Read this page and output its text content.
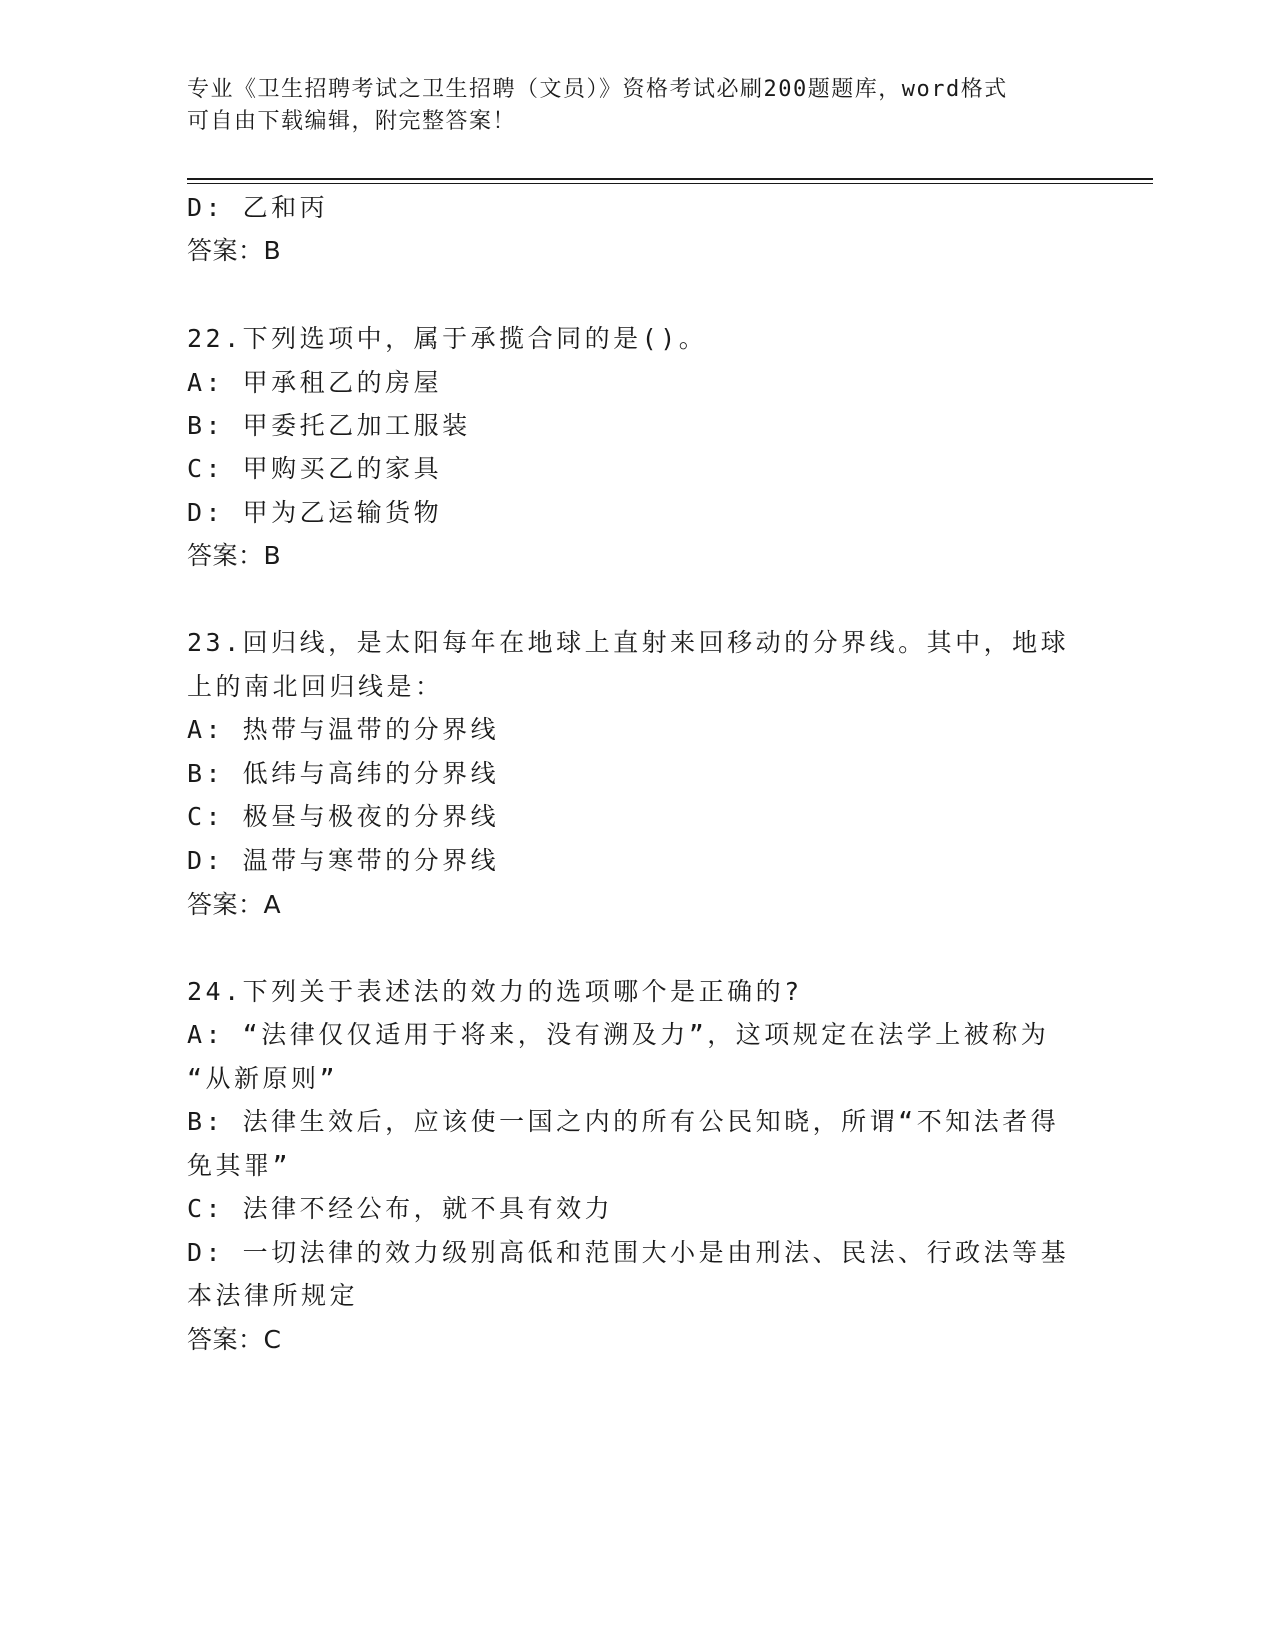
专业《卫生招聘考试之卫生招聘（文员）》资格考试必刷200题题库，word格式
可自由下载编辑，附完整答案！
D: 乙和丙
答案：B
22.下列选项中，属于承揽合同的是()。
A: 甲承租乙的房屋
B: 甲委托乙加工服装
C: 甲购买乙的家具
D: 甲为乙运输货物
答案：B
23.回归线，是太阳每年在地球上直射来回移动的分界线。其中，地球
上的南北回归线是：
A: 热带与温带的分界线
B: 低纬与高纬的分界线
C: 极昼与极夜的分界线
D: 温带与寒带的分界线
答案：A
24.下列关于表述法的效力的选项哪个是正确的?
A: “法律仅仅适用于将来，没有溯及力”，这项规定在法学上被称为
“从新原则”
B: 法律生效后，应该使一国之内的所有公民知晓，所谓“不知法者得
免其罪”
C: 法律不经公布，就不具有效力
D: 一切法律的效力级别高低和范围大小是由刑法、民法、行政法等基
本法律所规定
答案：C
